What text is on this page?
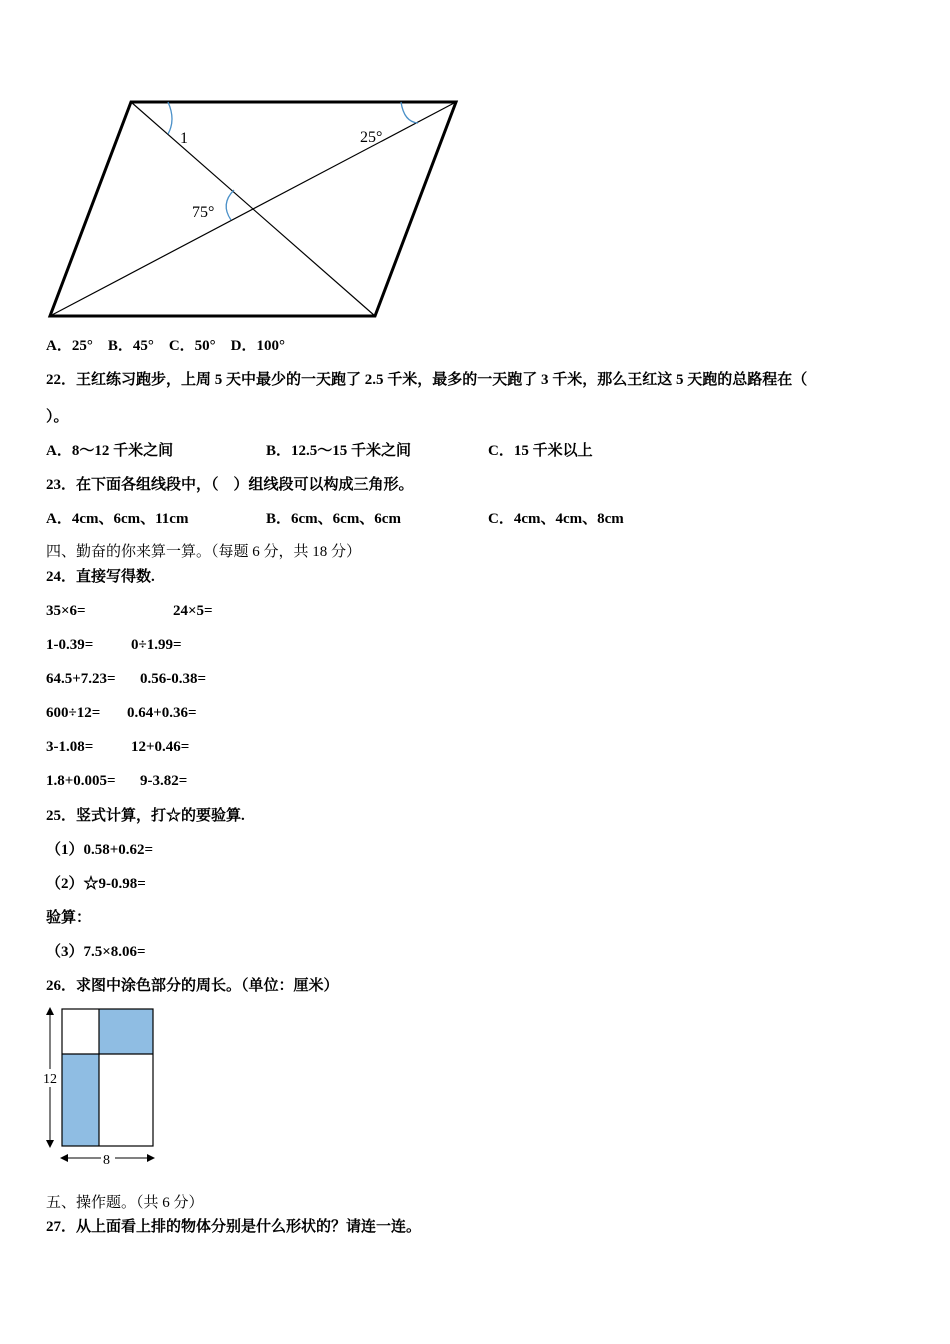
1	25°
75°
A．25°　B．45°　C．50°　D．100°
22．王红练习跑步，上周 5 天中最少的一天跑了 2.5 千米，最多的一天跑了 3 千米，那么王红这 5 天跑的总路程在（
）。
A．8～12 千米之间	B．12.5～15 千米之间	C．15 千米以上
23．在下面各组线段中，（　）组线段可以构成三角形。
A．4cm、6cm、11cm	B．6cm、6cm、6cm	C．4cm、4cm、8cm
四、勤奋的你来算一算。（每题 6 分，共 18 分）
24．直接写得数.
35×6=	24×5=
1-0.39=	0÷1.99=
64.5+7.23= 0.56-0.38=
600÷12= 0.64+0.36=
3-1.08=	12+0.46=
1.8+0.005= 9-3.82=
25．竖式计算，打☆的要验算.
（1）0.58+0.62=
（2）☆9-0.98=
验算：
（3）7.5×8.06=
26．求图中涂色部分的周长。（单位：厘米）
12
8
五、操作题。（共 6 分）
27．从上面看上排的物体分别是什么形状的？请连一连。
